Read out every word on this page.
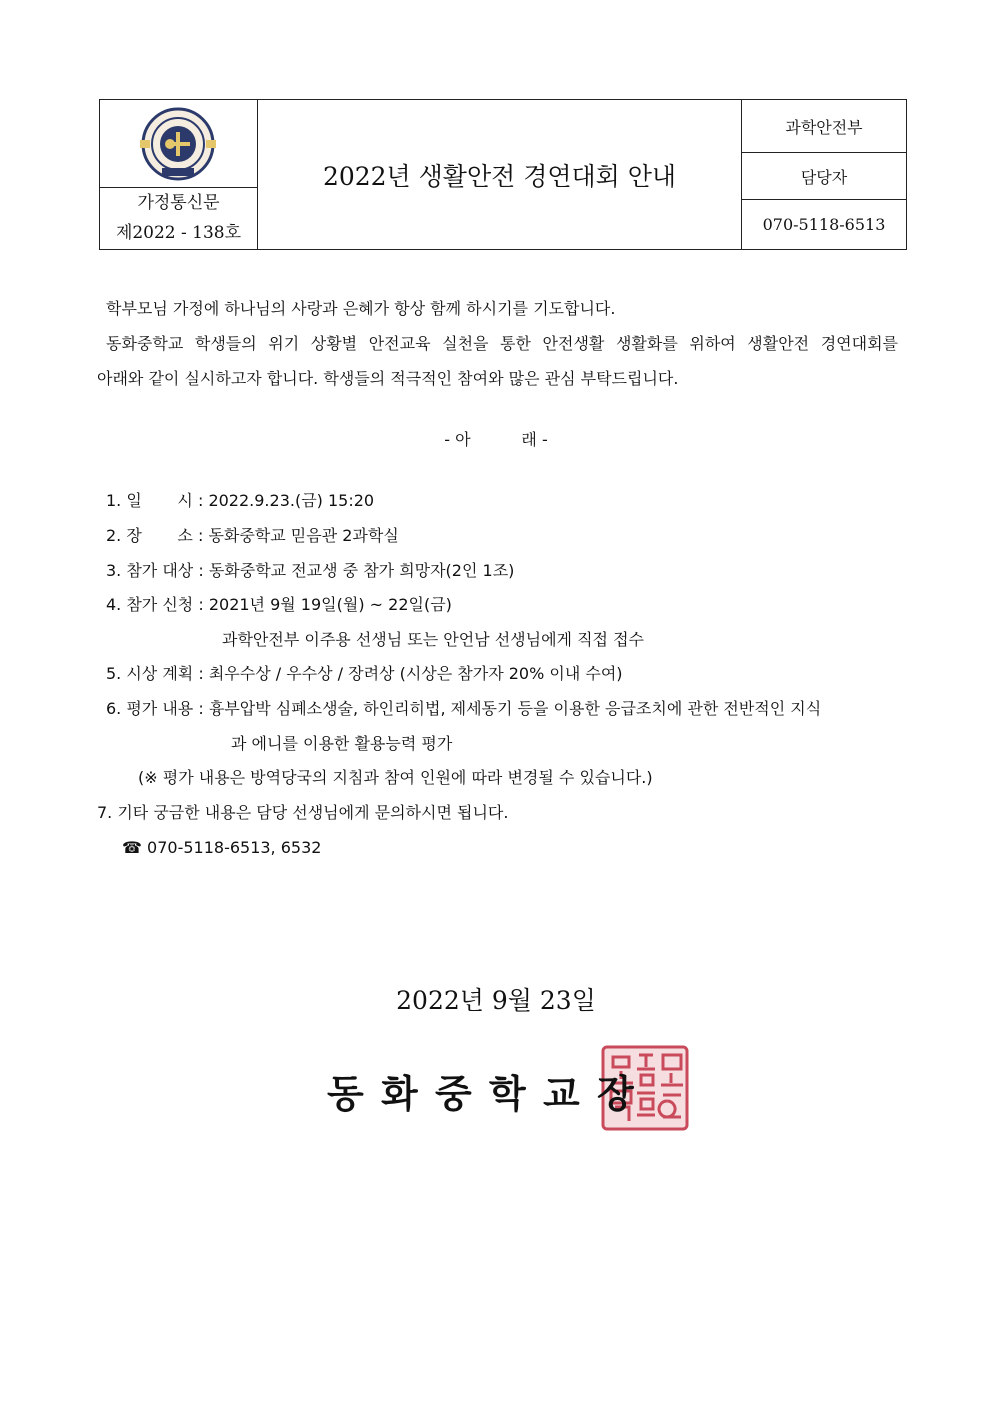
가정통신문
제2022 - 138호
2022년 생활안전 경연대회 안내
과학안전부
담당자
070-5118-6513
학부모님 가정에 하나님의 사랑과 은혜가 항상 함께 하시기를 기도합니다.
동화중학교 학생들의 위기 상황별 안전교육 실천을 통한 안전생활 생활화를 위하여 생활안전 경연대회를
아래와 같이 실시하고자 합니다. 학생들의 적극적인 참여와 많은 관심 부탁드립니다.
- 아          래 -
1. 일       시 : 2022.9.23.(금) 15:20
2. 장       소 : 동화중학교 믿음관 2과학실
3. 참가 대상 : 동화중학교 전교생 중 참가 희망자(2인 1조)
4. 참가 신청 : 2021년 9월 19일(월) ~ 22일(금)
과학안전부 이주용 선생님 또는 안언남 선생님에게 직접 접수
5. 시상 계획 : 최우수상 / 우수상 / 장려상 (시상은 참가자 20% 이내 수여)
6. 평가 내용 : 흉부압박 심폐소생술, 하인리히법, 제세동기 등을 이용한 응급조치에 관한 전반적인 지식
과 에니를 이용한 활용능력 평가
(※ 평가 내용은 방역당국의 지침과 참여 인원에 따라 변경될 수 있습니다.)
7. 기타 궁금한 내용은 담당 선생님에게 문의하시면 됩니다.
☎ 070-5118-6513, 6532
2022년 9월 23일
동 화 중 학 교 장
